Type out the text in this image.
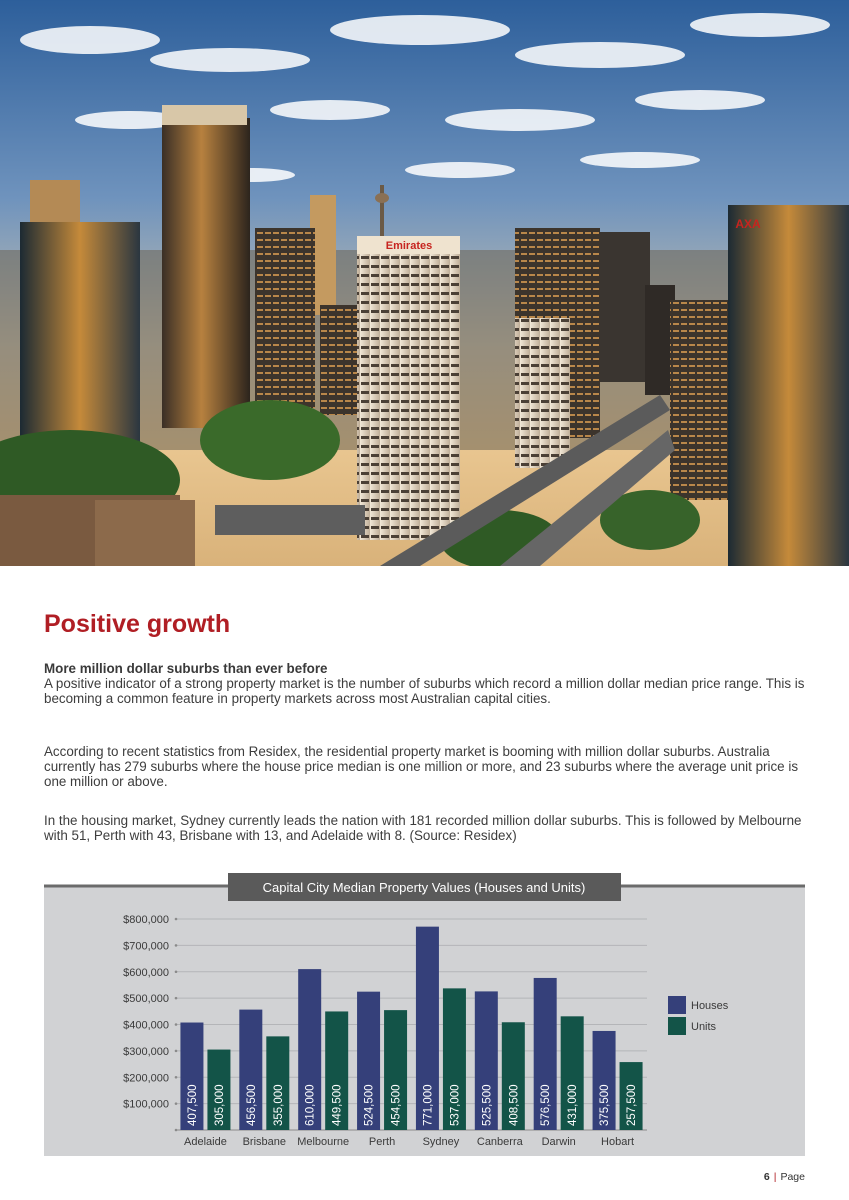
Emirates
AXA
Positive growth
More million dollar suburbs than ever before
A positive indicator of a strong property market is the number of suburbs which record a million dollar median price range. This is becoming a common feature in property markets across most Australian capital cities.
According to recent statistics from Residex, the residential property market is booming with million dollar suburbs. Australia currently has 279 suburbs where the house price median is one million or more, and 23 suburbs where the average unit price is one million or above.
In the housing market, Sydney currently leads the nation with 181 recorded million dollar suburbs. This is followed by Melbourne with 51, Perth with 43, Brisbane with 13, and Adelaide with 8. (Source: Residex)
Capital City Median Property Values (Houses and Units)
$100,000
$200,000
$300,000
$400,000
$500,000
$600,000
$700,000
$800,000
407,500 305,000
Adelaide
456,500 355,000
Brisbane
610,000 449,500
Melbourne
524,500 454,500
Perth
771,000 537,000
Sydney
525,500 408,500
Canberra
576,500 431,000
Darwin
375,500 257,500
Hobart
Houses
Units
6 | Page
